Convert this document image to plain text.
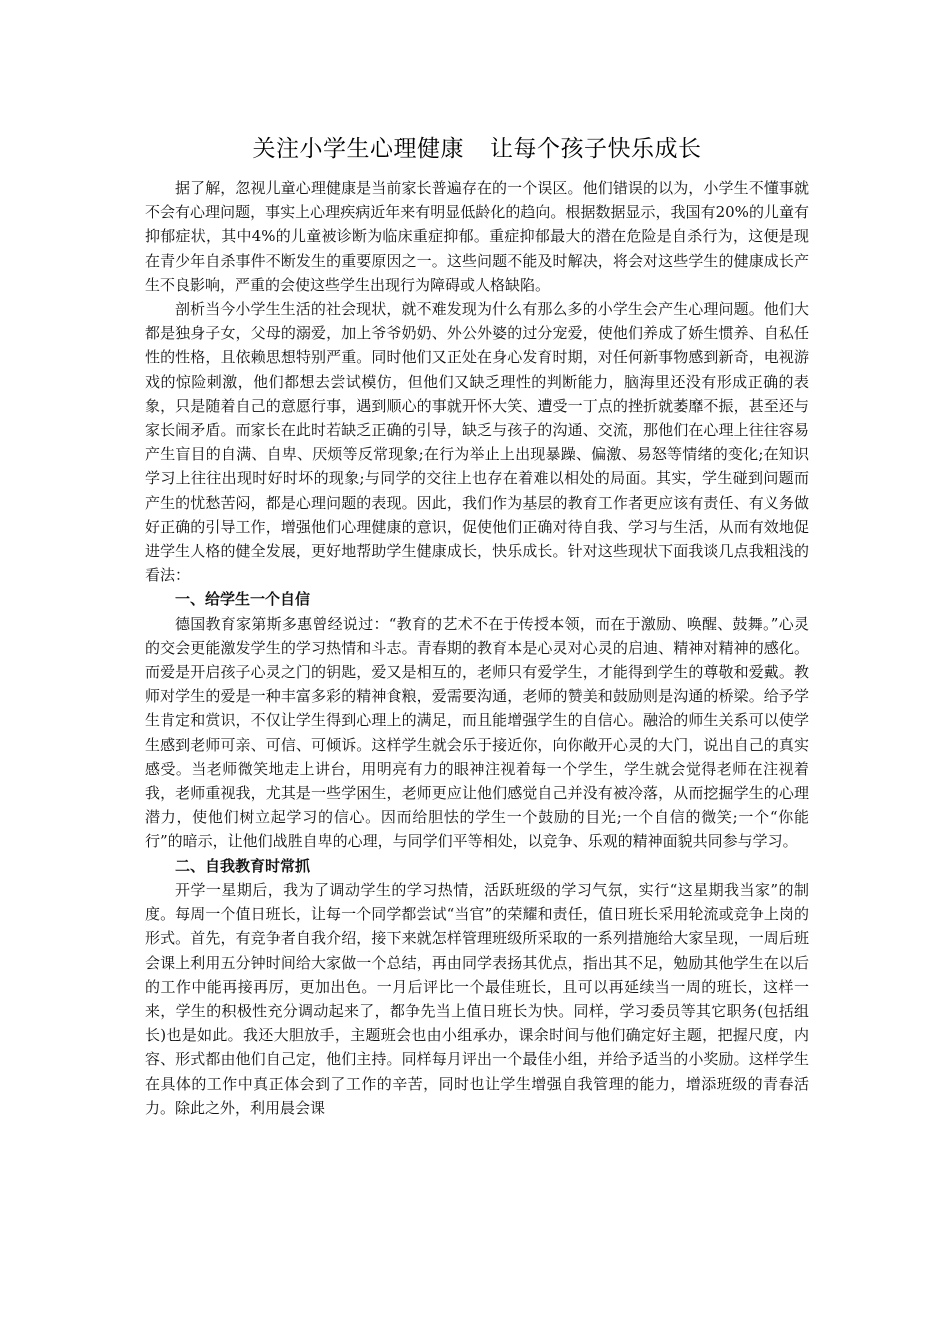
关注小学生心理健康 让每个孩子快乐成长

据了解，忽视儿童心理健康是当前家长普遍存在的一个误区。他们错误的以为，小学生不懂事就不会有心理问题，事实上心理疾病近年来有明显低龄化的趋向。根据数据显示，我国有20%的儿童有抑郁症状，其中4%的儿童被诊断为临床重症抑郁。重症抑郁最大的潜在危险是自杀行为，这便是现在青少年自杀事件不断发生的重要原因之一。这些问题不能及时解决，将会对这些学生的健康成长产生不良影响，严重的会使这些学生出现行为障碍或人格缺陷。

剖析当今小学生生活的社会现状，就不难发现为什么有那么多的小学生会产生心理问题。他们大都是独身子女，父母的溺爱，加上爷爷奶奶、外公外婆的过分宠爱，使他们养成了娇生惯养、自私任性的性格，且依赖思想特别严重。同时他们又正处在身心发育时期，对任何新事物感到新奇，电视游戏的惊险刺激，他们都想去尝试模仿，但他们又缺乏理性的判断能力，脑海里还没有形成正确的表象，只是随着自己的意愿行事，遇到顺心的事就开怀大笑、遭受一丁点的挫折就萎靡不振，甚至还与家长闹矛盾。而家长在此时若缺乏正确的引导，缺乏与孩子的沟通、交流，那他们在心理上往往容易产生盲目的自满、自卑、厌烦等反常现象;在行为举止上出现暴躁、偏激、易怒等情绪的变化;在知识学习上往往出现时好时坏的现象;与同学的交往上也存在着难以相处的局面。其实，学生碰到问题而产生的忧愁苦闷，都是心理问题的表现。因此，我们作为基层的教育工作者更应该有责任、有义务做好正确的引导工作，增强他们心理健康的意识，促使他们正确对待自我、学习与生活，从而有效地促进学生人格的健全发展，更好地帮助学生健康成长，快乐成长。针对这些现状下面我谈几点我粗浅的看法：

一、给学生一个自信

德国教育家第斯多惠曾经说过：“教育的艺术不在于传授本领，而在于激励、唤醒、鼓舞。”心灵的交会更能激发学生的学习热情和斗志。青春期的教育本是心灵对心灵的启迪、精神对精神的感化。而爱是开启孩子心灵之门的钥匙，爱又是相互的，老师只有爱学生，才能得到学生的尊敬和爱戴。教师对学生的爱是一种丰富多彩的精神食粮，爱需要沟通，老师的赞美和鼓励则是沟通的桥梁。给予学生肯定和赏识，不仅让学生得到心理上的满足，而且能增强学生的自信心。融洽的师生关系可以使学生感到老师可亲、可信、可倾诉。这样学生就会乐于接近你，向你敞开心灵的大门，说出自己的真实感受。当老师微笑地走上讲台，用明亮有力的眼神注视着每一个学生，学生就会觉得老师在注视着我，老师重视我，尤其是一些学困生，老师更应让他们感觉自己并没有被冷落，从而挖掘学生的心理潜力，使他们树立起学习的信心。因而给胆怯的学生一个鼓励的目光;一个自信的微笑;一个“你能行”的暗示，让他们战胜自卑的心理，与同学们平等相处，以竞争、乐观的精神面貌共同参与学习。

二、自我教育时常抓

开学一星期后，我为了调动学生的学习热情，活跃班级的学习气氛，实行“这星期我当家”的制度。每周一个值日班长，让每一个同学都尝试“当官”的荣耀和责任，值日班长采用轮流或竞争上岗的形式。首先，有竞争者自我介绍，接下来就怎样管理班级所采取的一系列措施给大家呈现，一周后班会课上利用五分钟时间给大家做一个总结，再由同学表扬其优点，指出其不足，勉励其他学生在以后的工作中能再接再厉，更加出色。一月后评比一个最佳班长，且可以再延续当一周的班长，这样一来，学生的积极性充分调动起来了，都争先当上值日班长为快。同样，学习委员等其它职务(包括组长)也是如此。我还大胆放手，主题班会也由小组承办，课余时间与他们确定好主题，把握尺度，内容、形式都由他们自己定，他们主持。同样每月评出一个最佳小组，并给予适当的小奖励。这样学生在具体的工作中真正体会到了工作的辛苦，同时也让学生增强自我管理的能力，增添班级的青春活力。除此之外，利用晨会课
